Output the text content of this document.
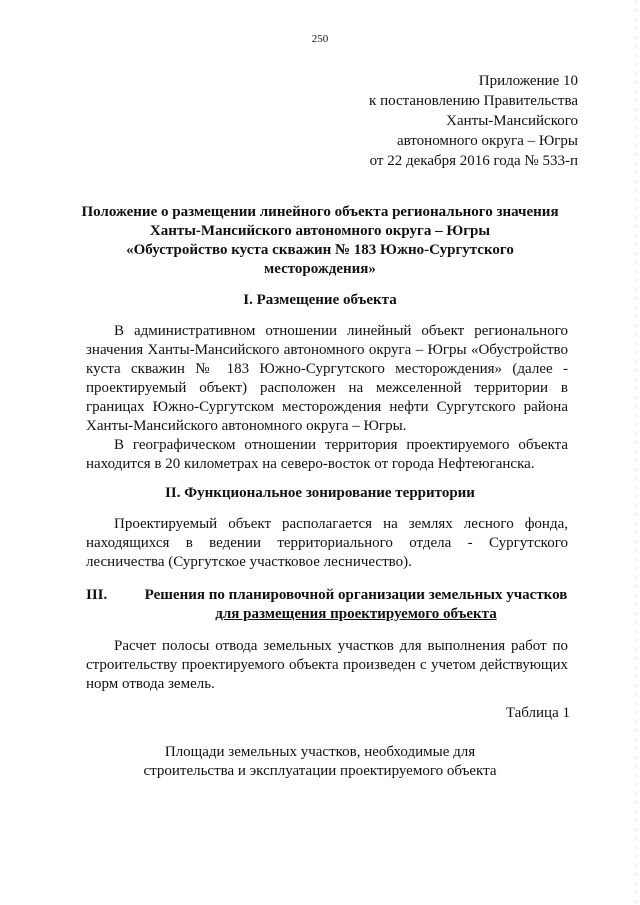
250
Приложение 10
к постановлению Правительства
Ханты-Мансийского
автономного округа – Югры
от 22 декабря 2016 года № 533-п
Положение о размещении линейного объекта регионального значения
Ханты-Мансийского автономного округа – Югры
«Обустройство куста скважин № 183 Южно-Сургутского
месторождения»
I. Размещение объекта
В административном отношении линейный объект регионального
значения Ханты-Мансийского автономного округа – Югры «Обустройство
куста скважин № 183 Южно-Сургутского месторождения» (далее -
проектируемый объект) расположен на межселенной территории в
границах Южно-Сургутском месторождения нефти Сургутского района
Ханты-Мансийского автономного округа – Югры.
В географическом отношении территория проектируемого объекта
находится в 20 километрах на северо-восток от города Нефтеюганска.
II. Функциональное зонирование территории
Проектируемый объект располагается на землях лесного фонда,
находящихся в ведении территориального отдела - Сургутского
лесничества (Сургутское участковое лесничество).
III. Решения по планировочной организации земельных участков
для размещения проектируемого объекта
Расчет полосы отвода земельных участков для выполнения работ по
строительству проектируемого объекта произведен с учетом действующих
норм отвода земель.
Таблица 1
Площади земельных участков, необходимые для
строительства и эксплуатации проектируемого объекта
